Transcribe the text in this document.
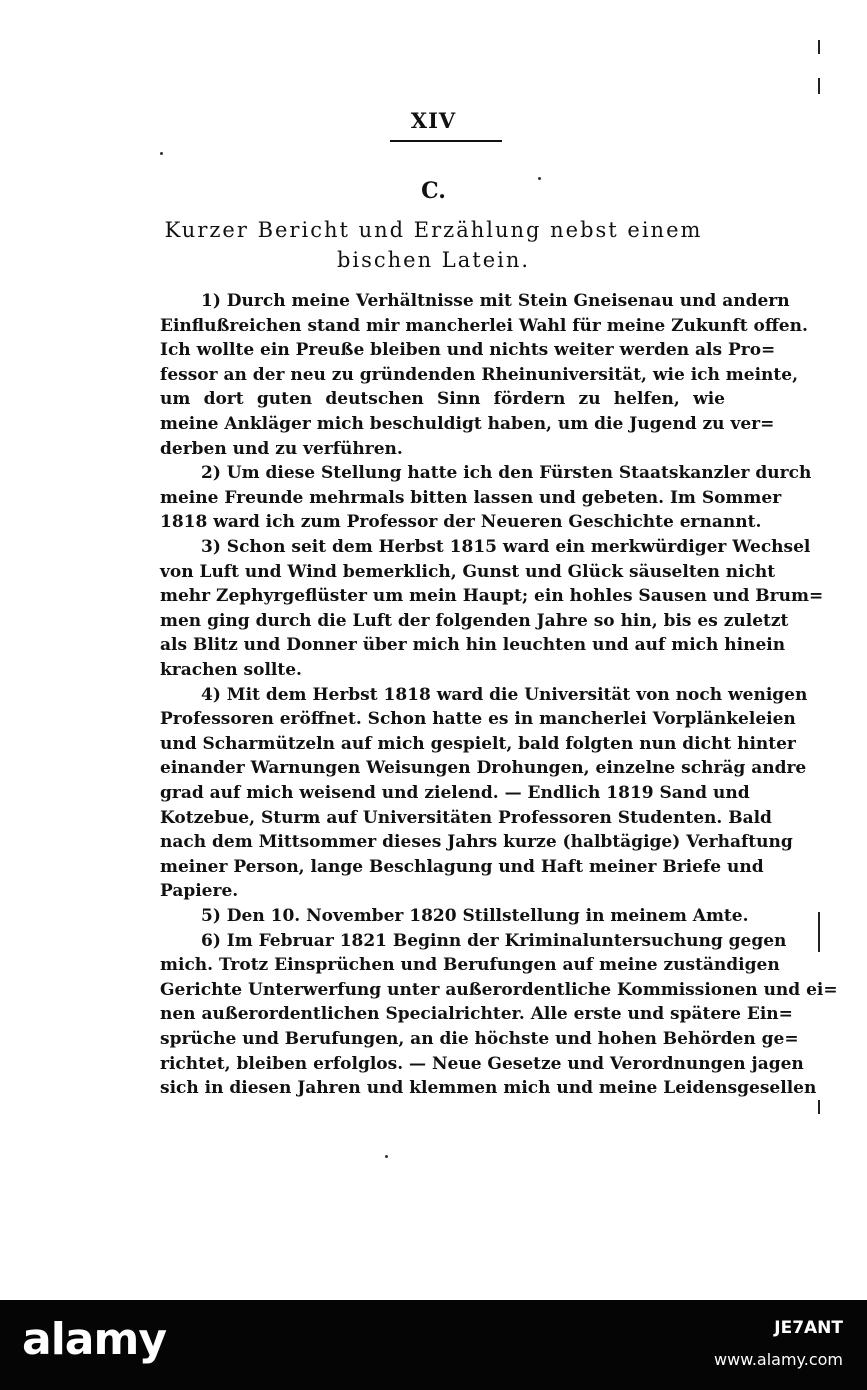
XIV
C.
Kurzer Bericht und Erzählung nebst einem
bischen Latein.
1) Durch meine Verhältnisse mit Stein Gneisenau und andern
Einflußreichen stand mir mancherlei Wahl für meine Zukunft offen.
Ich wollte ein Preuße bleiben und nichts weiter werden als Pro=
fessor an der neu zu gründenden Rheinuniversität, wie ich meinte,
um dort guten deutschen Sinn fördern zu helfen, wie
meine Ankläger mich beschuldigt haben, um die Jugend zu ver=
derben und zu verführen.
2) Um diese Stellung hatte ich den Fürsten Staatskanzler durch
meine Freunde mehrmals bitten lassen und gebeten. Im Sommer
1818 ward ich zum Professor der Neueren Geschichte ernannt.
3) Schon seit dem Herbst 1815 ward ein merkwürdiger Wechsel
von Luft und Wind bemerklich, Gunst und Glück säuselten nicht
mehr Zephyrgeflüster um mein Haupt; ein hohles Sausen und Brum=
men ging durch die Luft der folgenden Jahre so hin, bis es zuletzt
als Blitz und Donner über mich hin leuchten und auf mich hinein
krachen sollte.
4) Mit dem Herbst 1818 ward die Universität von noch wenigen
Professoren eröffnet. Schon hatte es in mancherlei Vorplänkeleien
und Scharmützeln auf mich gespielt, bald folgten nun dicht hinter
einander Warnungen Weisungen Drohungen, einzelne schräg andre
grad auf mich weisend und zielend. — Endlich 1819 Sand und
Kotzebue, Sturm auf Universitäten Professoren Studenten. Bald
nach dem Mittsommer dieses Jahrs kurze (halbtägige) Verhaftung
meiner Person, lange Beschlagung und Haft meiner Briefe und
Papiere.
5) Den 10. November 1820 Stillstellung in meinem Amte.
6) Im Februar 1821 Beginn der Kriminaluntersuchung gegen
mich. Trotz Einsprüchen und Berufungen auf meine zuständigen
Gerichte Unterwerfung unter außerordentliche Kommissionen und ei=
nen außerordentlichen Specialrichter. Alle erste und spätere Ein=
sprüche und Berufungen, an die höchste und hohen Behörden ge=
richtet, bleiben erfolglos. — Neue Gesetze und Verordnungen jagen
sich in diesen Jahren und klemmen mich und meine Leidensgesellen
alamy	JE7ANT
www.alamy.com
